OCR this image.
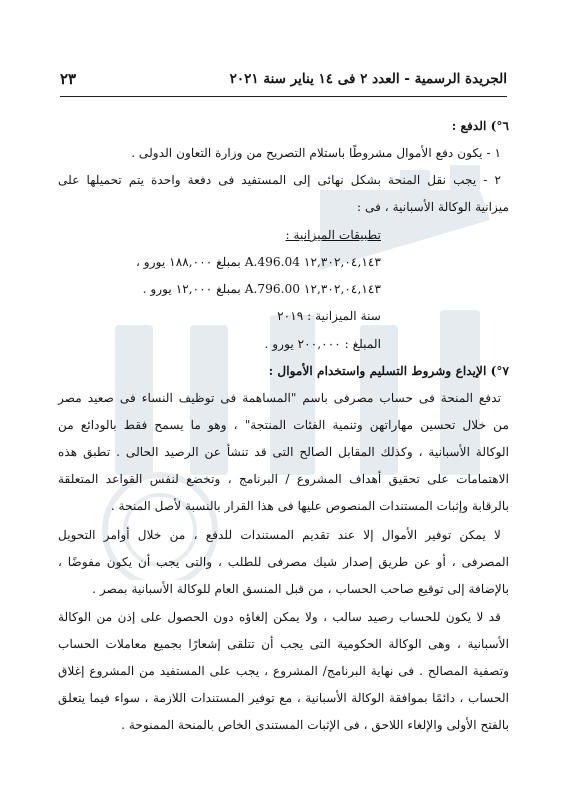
الجريدة الرسمية - العدد ٢ فى ١٤ يناير سنة ٢٠٢١
٢٣
٦°) الدفع :
١ - يكون دفع الأموال مشروطًا باستلام التصريح من وزارة التعاون الدولى .
٢ - يجب نقل المنحة بشكل نهائى إلى المستفيد فى دفعة واحدة يتم تحميلها على
ميزانية الوكالة الأسبانية ، فى :
تطبيقات الميزانية :
١٢,٣٠٢,٠٤,١٤٣ A.496.04 بمبلغ ١٨٨,٠٠٠ يورو ،
١٢,٣٠٢,٠٤,١٤٣ A.796.00 بمبلغ ١٢,٠٠٠ يورو .
سنة الميزانية : ٢٠١٩
المبلغ : ٢٠٠,٠٠٠ يورو .
٧°) الإيداع وشروط التسليم واستخدام الأموال :
تدفع المنحة فى حساب مصرفى باسم "المساهمة فى توظيف النساء فى صعيد مصر
من خلال تحسين مهاراتهن وتنمية الفئات المنتجة" ، وهو ما يسمح فقط بالودائع من
الوكالة الأسبانية ، وكذلك المقابل الصالح التى قد تنشأ عن الرصيد الحالى . تطبق هذه
الاهتمامات على تحقيق أهداف المشروع / البرنامج ، وتخضع لنفس القواعد المتعلقة
بالرقابة وإثبات المستندات المنصوص عليها فى هذا القرار بالنسبة لأصل المنحة .
لا يمكن توفير الأموال إلا عند تقديم المستندات للدفع ، من خلال أوامر التحويل
المصرفى ، أو عن طريق إصدار شيك مصرفى للطلب ، والتى يجب أن يكون مفوضًا ،
بالإضافة إلى توقيع صاحب الحساب ، من قبل المنسق العام للوكالة الأسبانية بمصر .
قد لا يكون للحساب رصيد سالب ، ولا يمكن إلغاؤه دون الحصول على إذن من الوكالة
الأسبانية ، وهى الوكالة الحكومية التى يجب أن تتلقى إشعارًا بجميع معاملات الحساب
وتصفية المصالح . فى نهاية البرنامج/ المشروع ، يجب على المستفيد من المشروع إغلاق
الحساب ، دائمًا بموافقة الوكالة الأسبانية ، مع توفير المستندات اللازمة ، سواء فيما يتعلق
بالفتح الأولى والإلغاء اللاحق ، فى الإثبات المستندى الخاص بالمنحة الممنوحة .
